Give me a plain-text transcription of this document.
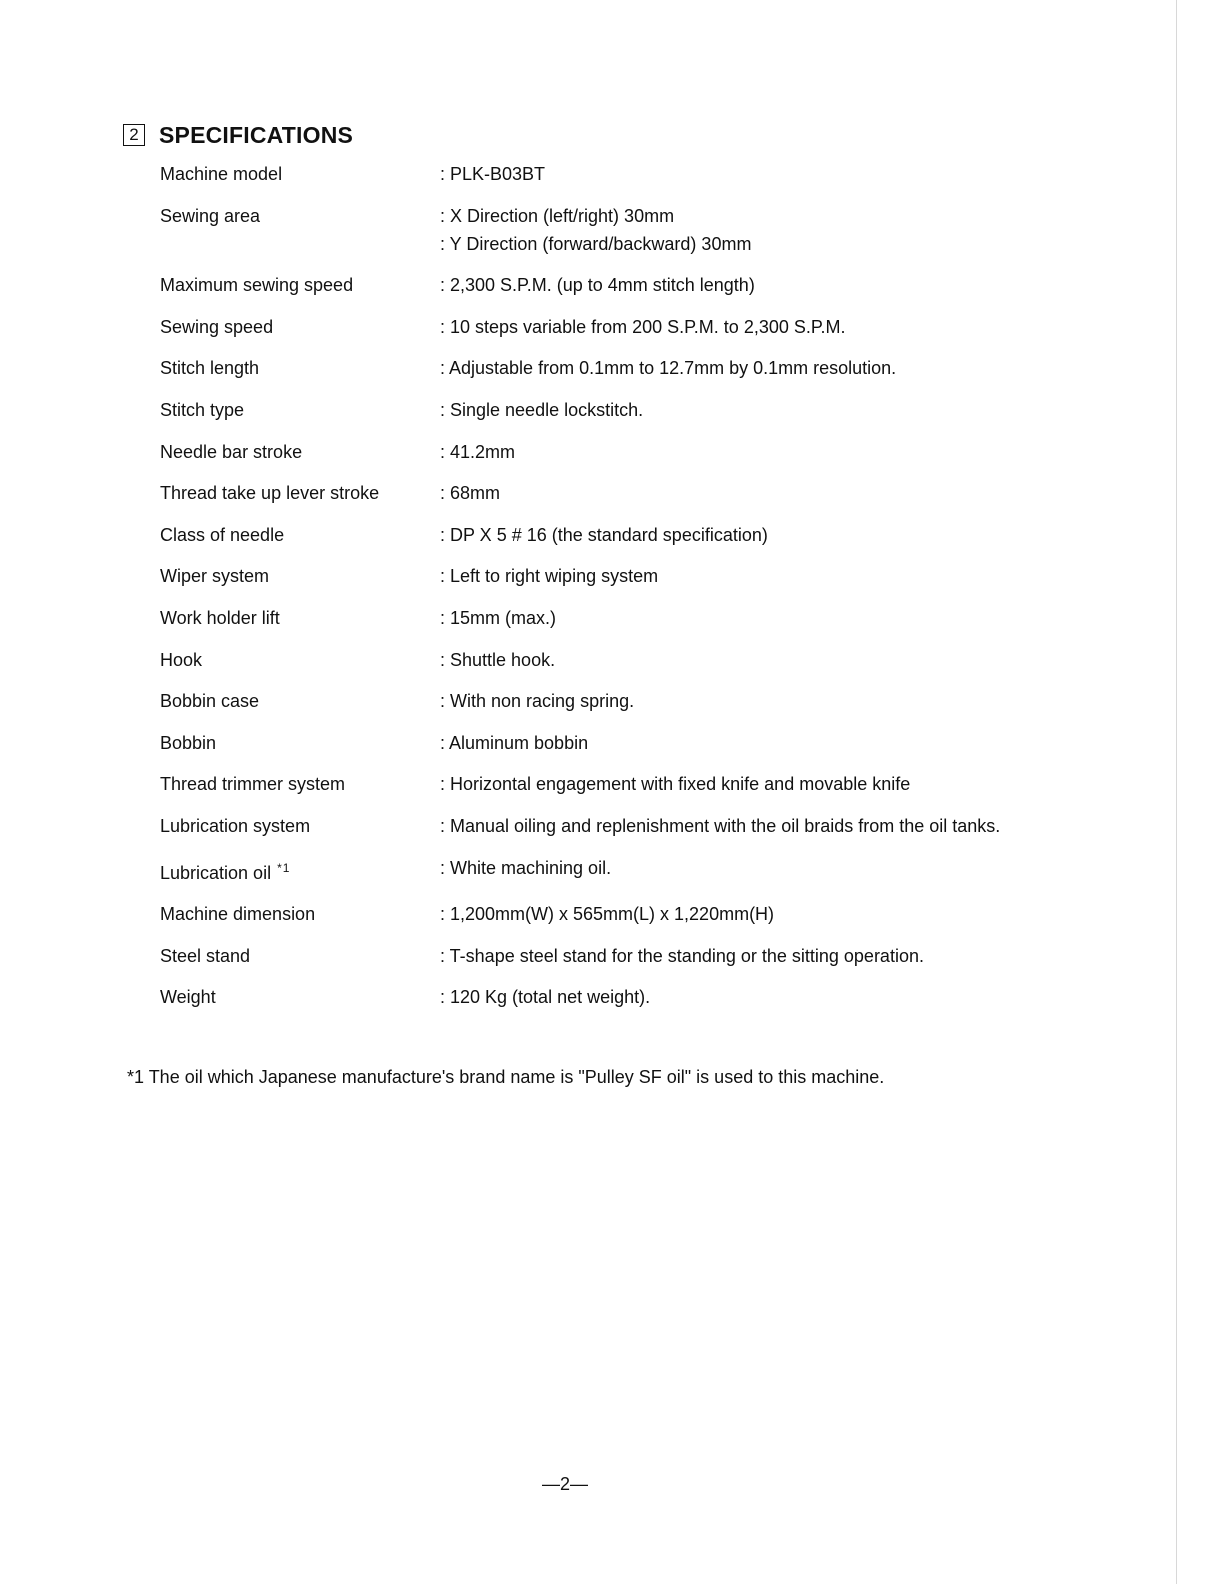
2 SPECIFICATIONS
Machine model	: PLK-B03BT
Sewing area	: X Direction (left/right) 30mm
: Y Direction (forward/backward) 30mm
Maximum sewing speed	: 2,300 S.P.M. (up to 4mm stitch length)
Sewing speed	: 10 steps variable from 200 S.P.M. to 2,300 S.P.M.
Stitch length	: Adjustable from 0.1mm to 12.7mm by 0.1mm resolution.
Stitch type	: Single needle lockstitch.
Needle bar stroke	: 41.2mm
Thread take up lever stroke	: 68mm
Class of needle	: DP X 5 # 16 (the standard specification)
Wiper system	: Left to right wiping system
Work holder lift	: 15mm (max.)
Hook	: Shuttle hook.
Bobbin case	: With non racing spring.
Bobbin	: Aluminum bobbin
Thread trimmer system	: Horizontal engagement with fixed knife and movable knife
Lubrication system	: Manual oiling and replenishment with the oil braids from the oil tanks.
Lubrication oil $^{*1}$	: White machining oil.
Machine dimension	: 1,200mm(W) x 565mm(L) x 1,220mm(H)
Steel stand	: T-shape steel stand for the standing or the sitting operation.
Weight	: 120 Kg (total net weight).
*1 The oil which Japanese manufacture's brand name is "Pulley SF oil" is used to this machine.
—2—
